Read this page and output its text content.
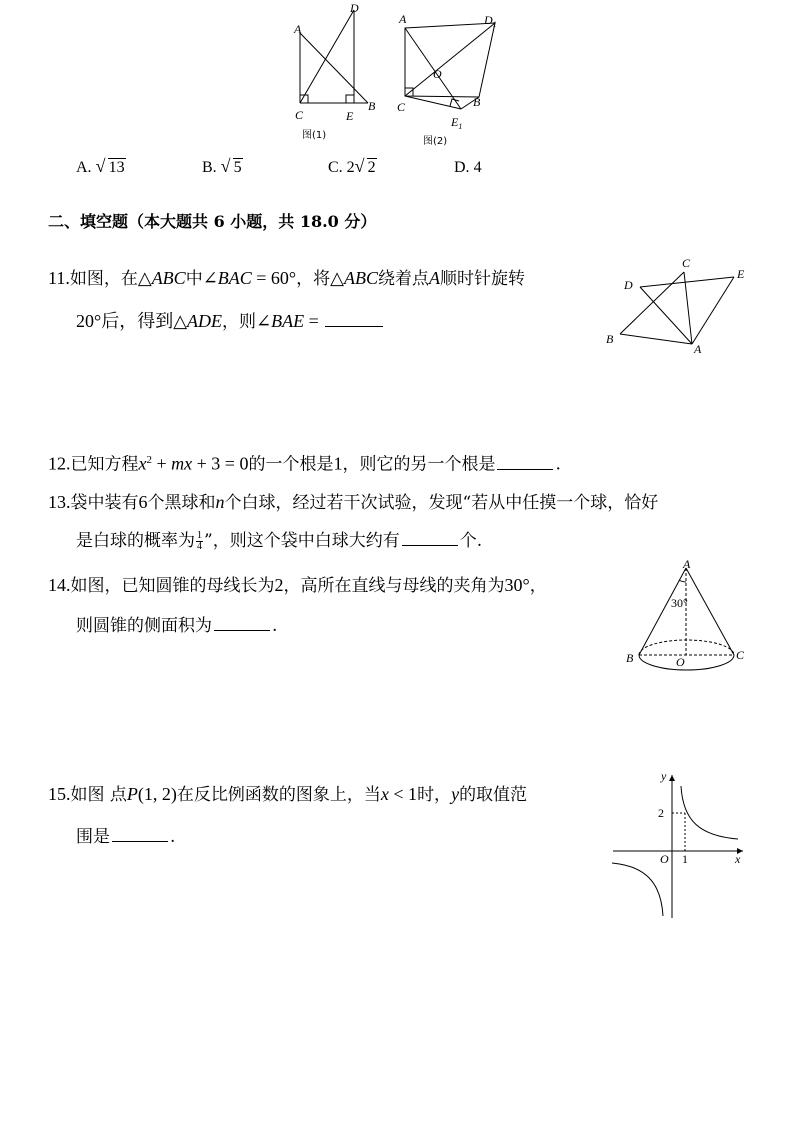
A
D
C	E
B
图(1)
A	$D_1$
O
C	B
$E_1$
图(2)
A. √ 13	B. √ 5	C. 2 √ 2	D. 4
二、填空题（本大题共 6 小题，共 18.0 分）
11.如图，在△ABC中∠BAC = 60°，将△ABC绕着点A顺时针旋转
20°后，得到△ADE，则∠BAE =
C
E
D
B
A
12.已知方程$x^2$ + mx + 3 = 0的一个根是1，则它的另一个根是	.
13.袋中装有6个黑球和n个白球，经过若干次试验，发现“若从中任摸一个球，恰好
是白球的概率为 $\frac{1}{4}$ ”，则这个袋中白球大约有	个.
14.如图，已知圆锥的母线长为2，高所在直线与母线的夹角为30°，
则圆锥的侧面积为	.
A
30°
B	O	C
15.如图 点P(1, 2)在反比例函数的图象上，当x < 1时，y的取值范
围是	.
y
x
O
2
1
